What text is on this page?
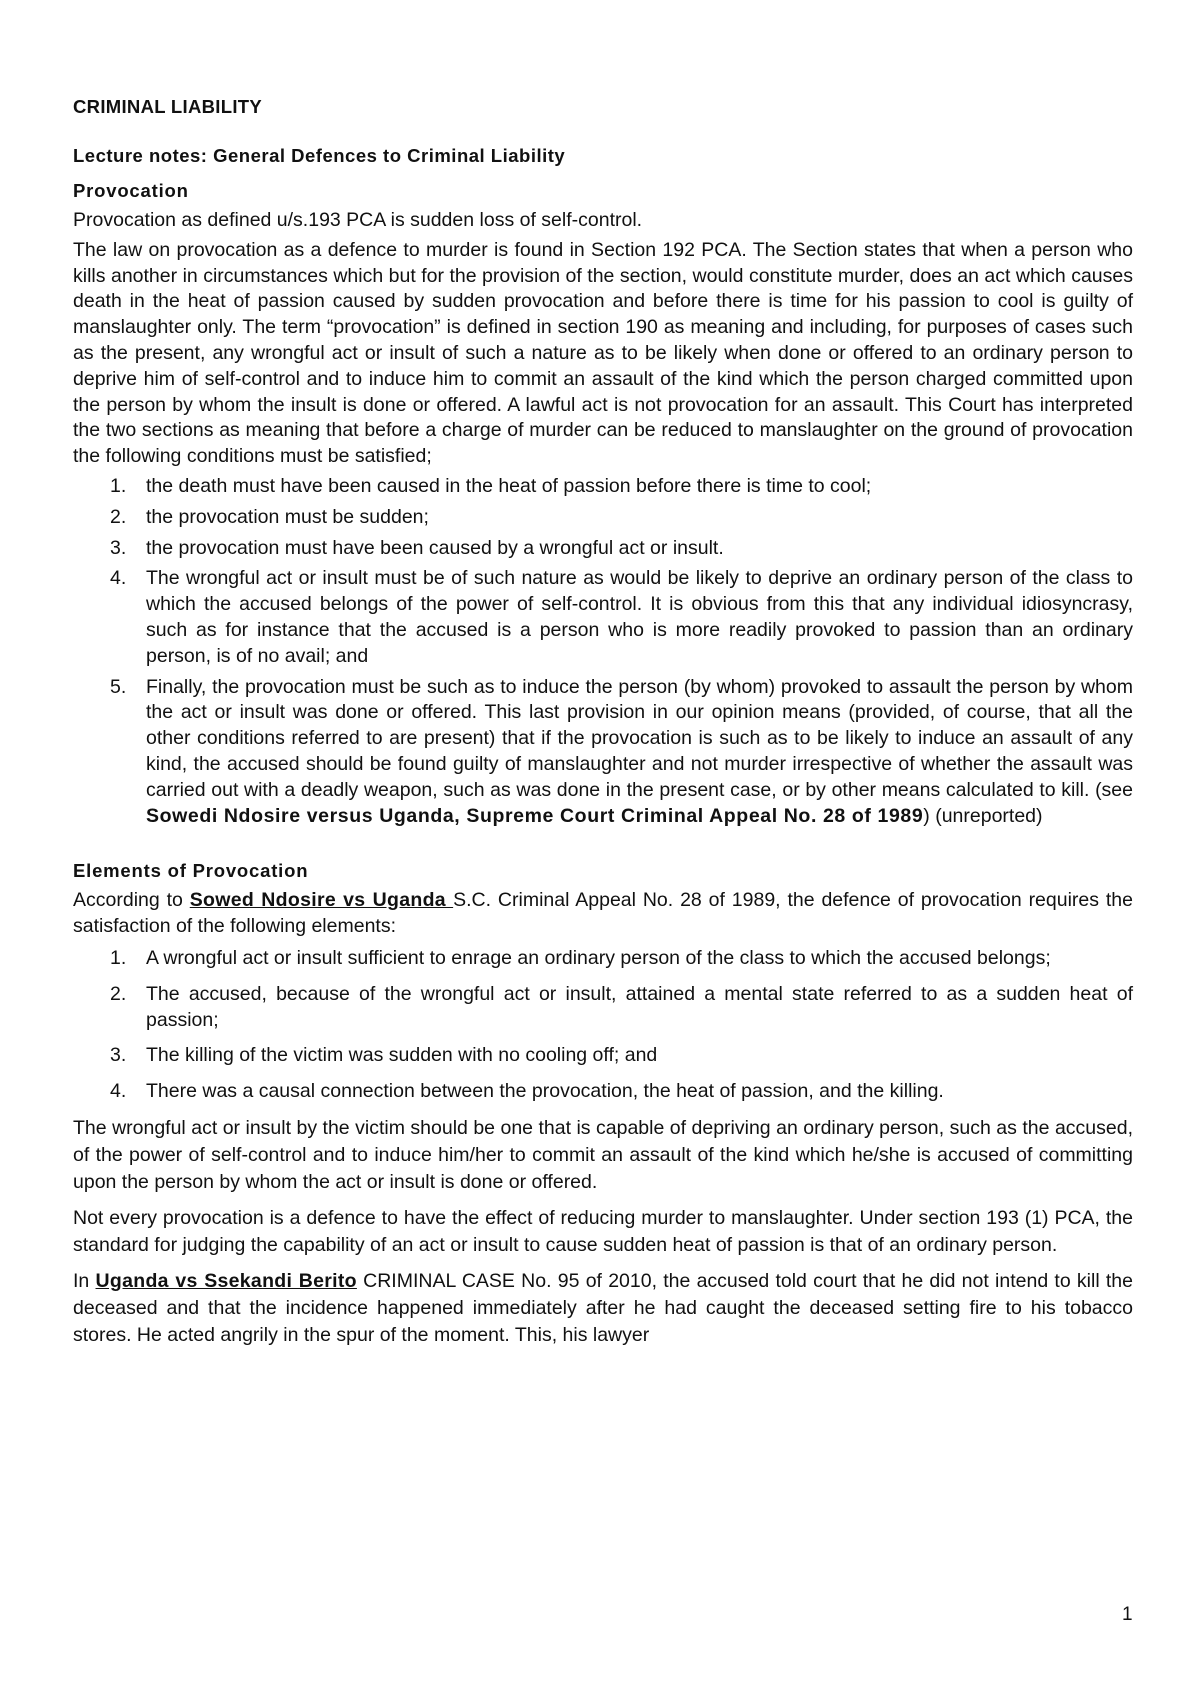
CRIMINAL LIABILITY
Lecture notes: General Defences to Criminal Liability
Provocation

Provocation as defined u/s.193 PCA is sudden loss of self-control.

The law on provocation as a defence to murder is found in Section 192 PCA. The Section states that when a person who kills another in circumstances which but for the provision of the section, would constitute murder, does an act which causes death in the heat of passion caused by sudden provocation and before there is time for his passion to cool is guilty of manslaughter only. The term “provocation” is defined in section 190 as meaning and including, for purposes of cases such as the present, any wrongful act or insult of such a nature as to be likely when done or offered to an ordinary person to deprive him of self-control and to induce him to commit an assault of the kind which the person charged committed upon the person by whom the insult is done or offered. A lawful act is not provocation for an assault. This Court has interpreted the two sections as meaning that before a charge of murder can be reduced to manslaughter on the ground of provocation the following conditions must be satisfied;

1. the death must have been caused in the heat of passion before there is time to cool;
2. the provocation must be sudden;
3. the provocation must have been caused by a wrongful act or insult.
4. The wrongful act or insult must be of such nature as would be likely to deprive an ordinary person of the class to which the accused belongs of the power of self-control. It is obvious from this that any individual idiosyncrasy, such as for instance that the accused is a person who is more readily provoked to passion than an ordinary person, is of no avail; and
5. Finally, the provocation must be such as to induce the person (by whom) provoked to assault the person by whom the act or insult was done or offered. This last provision in our opinion means (provided, of course, that all the other conditions referred to are present) that if the provocation is such as to be likely to induce an assault of any kind, the accused should be found guilty of manslaughter and not murder irrespective of whether the assault was carried out with a deadly weapon, such as was done in the present case, or by other means calculated to kill. (see Sowedi Ndosire versus Uganda, Supreme Court Criminal Appeal No. 28 of 1989) (unreported)
Elements of Provocation

According to Sowed Ndosire vs Uganda S.C. Criminal Appeal No. 28 of 1989, the defence of provocation requires the satisfaction of the following elements:

1. A wrongful act or insult sufficient to enrage an ordinary person of the class to which the accused belongs;
2. The accused, because of the wrongful act or insult, attained a mental state referred to as a sudden heat of passion;
3. The killing of the victim was sudden with no cooling off; and
4. There was a causal connection between the provocation, the heat of passion, and the killing.

The wrongful act or insult by the victim should be one that is capable of depriving an ordinary person, such as the accused, of the power of self-control and to induce him/her to commit an assault of the kind which he/she is accused of committing upon the person by whom the act or insult is done or offered.

Not every provocation is a defence to have the effect of reducing murder to manslaughter. Under section 193 (1) PCA, the standard for judging the capability of an act or insult to cause sudden heat of passion is that of an ordinary person.

In Uganda vs Ssekandi Berito CRIMINAL CASE No. 95 of 2010, the accused told court that he did not intend to kill the deceased and that the incidence happened immediately after he had caught the deceased setting fire to his tobacco stores. He acted angrily in the spur of the moment. This, his lawyer

1
